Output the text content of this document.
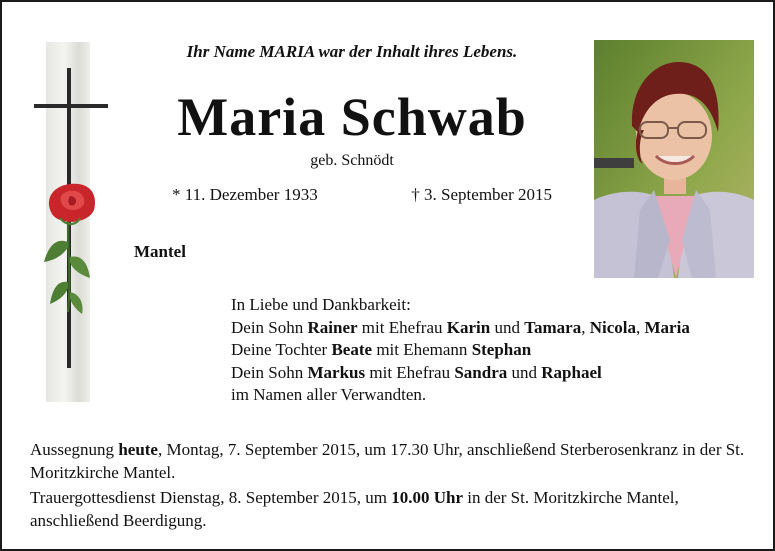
Ihr Name MARIA war der Inhalt ihres Lebens.
Maria Schwab
geb. Schnödt
* 11. Dezember 1933	† 3. September 2015
Mantel
In Liebe und Dankbarkeit:
Dein Sohn Rainer mit Ehefrau Karin und Tamara, Nicola, Maria
Deine Tochter Beate mit Ehemann Stephan
Dein Sohn Markus mit Ehefrau Sandra und Raphael
im Namen aller Verwandten.

Aussegnung heute, Montag, 7. September 2015, um 17.30 Uhr, anschließend Sterberosenkranz in der St. Moritzkirche Mantel.

Trauergottesdienst Dienstag, 8. September 2015, um 10.00 Uhr in der St. Moritzkirche Mantel, anschließend Beerdigung.
